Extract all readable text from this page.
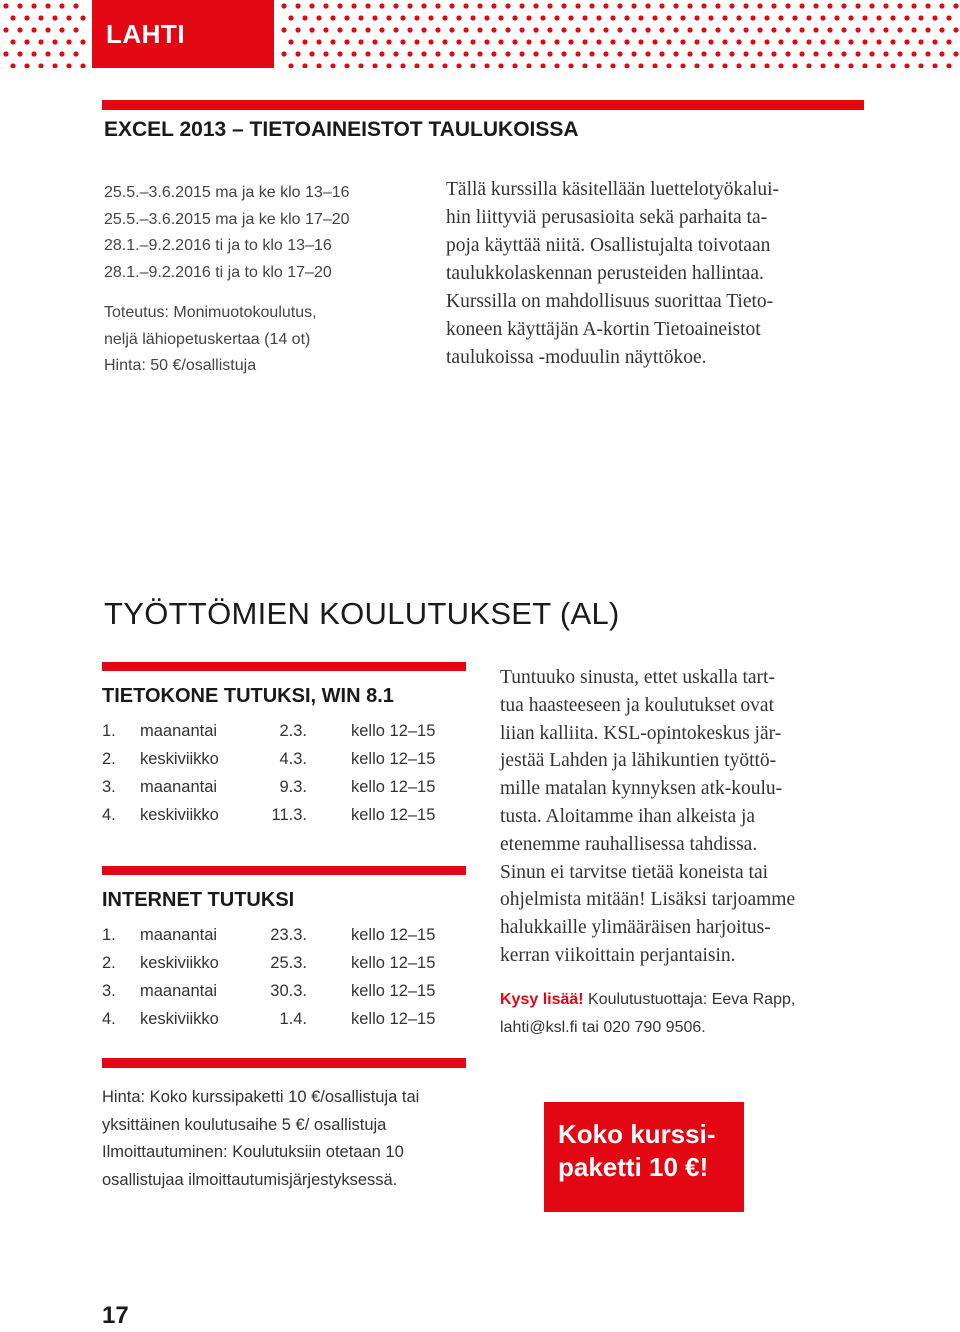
LAHTI
EXCEL 2013 – TIETOAINEISTOT TAULUKOISSA
25.5.–3.6.2015 ma ja ke klo 13–16
25.5.–3.6.2015 ma ja ke klo 17–20
28.1.–9.2.2016 ti ja to klo 13–16
28.1.–9.2.2016 ti ja to klo 17–20
Toteutus: Monimuotokoulutus,
neljä lähiopetuskertaa (14 ot)
Hinta: 50 €/osallistuja
Tällä kurssilla käsitellään luettelotyökalui-
hin liittyviä perusasioita sekä parhaita ta-
poja käyttää niitä. Osallistujalta toivotaan
taulukkolaskennan perusteiden hallintaa.
Kurssilla on mahdollisuus suorittaa Tieto-
koneen käyttäjän A-kortin Tietoaineistot
taulukoissa -moduulin näyttökoe.
TYÖTTÖMIEN KOULUTUKSET (AL)
TIETOKONE TUTUKSI, WIN 8.1
1. maanantai	2.3.	kello 12–15
2. keskiviikko	4.3.	kello 12–15
3. maanantai	9.3.	kello 12–15
4. keskiviikko	11.3.	kello 12–15
INTERNET TUTUKSI
1. maanantai	23.3.	kello 12–15
2. keskiviikko	25.3.	kello 12–15
3. maanantai	30.3.	kello 12–15
4. keskiviikko	1.4.	kello 12–15
Tuntuuko sinusta, ettet uskalla tart-
tua haasteeseen ja koulutukset ovat
liian kalliita. KSL-opintokeskus jär-
jestää Lahden ja lähikuntien työttö-
mille matalan kynnyksen atk-koulu-
tusta. Aloitamme ihan alkeista ja
etenemme rauhallisessa tahdissa.
Sinun ei tarvitse tietää koneista tai
ohjelmista mitään! Lisäksi tarjoamme
halukkaille ylimääräisen harjoitus-
kerran viikoittain perjantaisin.
Kysy lisää! Koulutustuottaja: Eeva Rapp,
lahti@ksl.fi tai 020 790 9506.
Hinta: Koko kurssipaketti 10 €/osallistuja tai
yksittäinen koulutusaihe 5 €/ osallistuja
Ilmoittautuminen: Koulutuksiin otetaan 10
osallistujaa ilmoittautumisjärjestyksessä.
Koko kurssi-
paketti 10 €!
17
